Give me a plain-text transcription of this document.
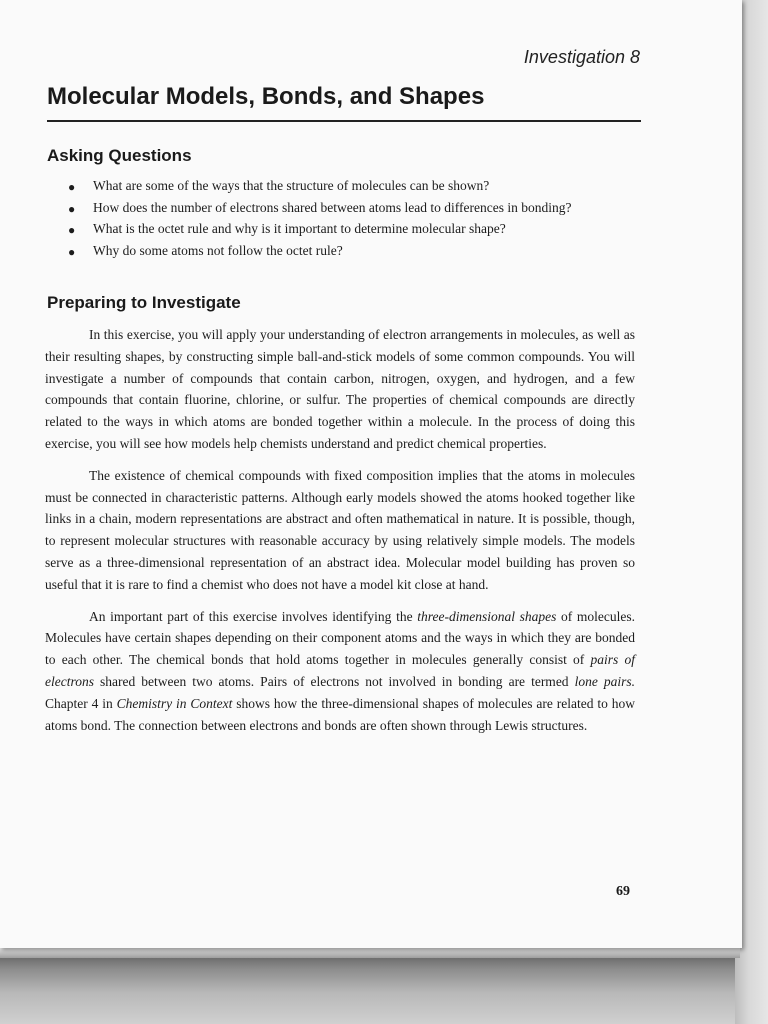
Investigation 8
Molecular Models, Bonds, and Shapes
Asking Questions
●	What are some of the ways that the structure of molecules can be shown?
●	How does the number of electrons shared between atoms lead to differences in bonding?
●	What is the octet rule and why is it important to determine molecular shape?
●	Why do some atoms not follow the octet rule?
Preparing to Investigate

In this exercise, you will apply your understanding of electron arrangements in molecules, as well as their resulting shapes, by constructing simple ball-and-stick models of some common compounds. You will investigate a number of compounds that contain carbon, nitrogen, oxygen, and hydrogen, and a few compounds that contain fluorine, chlorine, or sulfur. The properties of chemical compounds are directly related to the ways in which atoms are bonded together within a molecule. In the process of doing this exercise, you will see how models help chemists understand and predict chemical properties.

The existence of chemical compounds with fixed composition implies that the atoms in molecules must be connected in characteristic patterns. Although early models showed the atoms hooked together like links in a chain, modern representations are abstract and often mathematical in nature. It is possible, though, to represent molecular structures with reasonable accuracy by using relatively simple models. The models serve as a three-dimensional representation of an abstract idea. Molecular model building has proven so useful that it is rare to find a chemist who does not have a model kit close at hand.

An important part of this exercise involves identifying the three-dimensional shapes of molecules. Molecules have certain shapes depending on their component atoms and the ways in which they are bonded to each other. The chemical bonds that hold atoms together in molecules generally consist of pairs of electrons shared between two atoms. Pairs of electrons not involved in bonding are termed lone pairs. Chapter 4 in Chemistry in Context shows how the three-dimensional shapes of molecules are related to how atoms bond. The connection between electrons and bonds are often shown through Lewis structures.

69
